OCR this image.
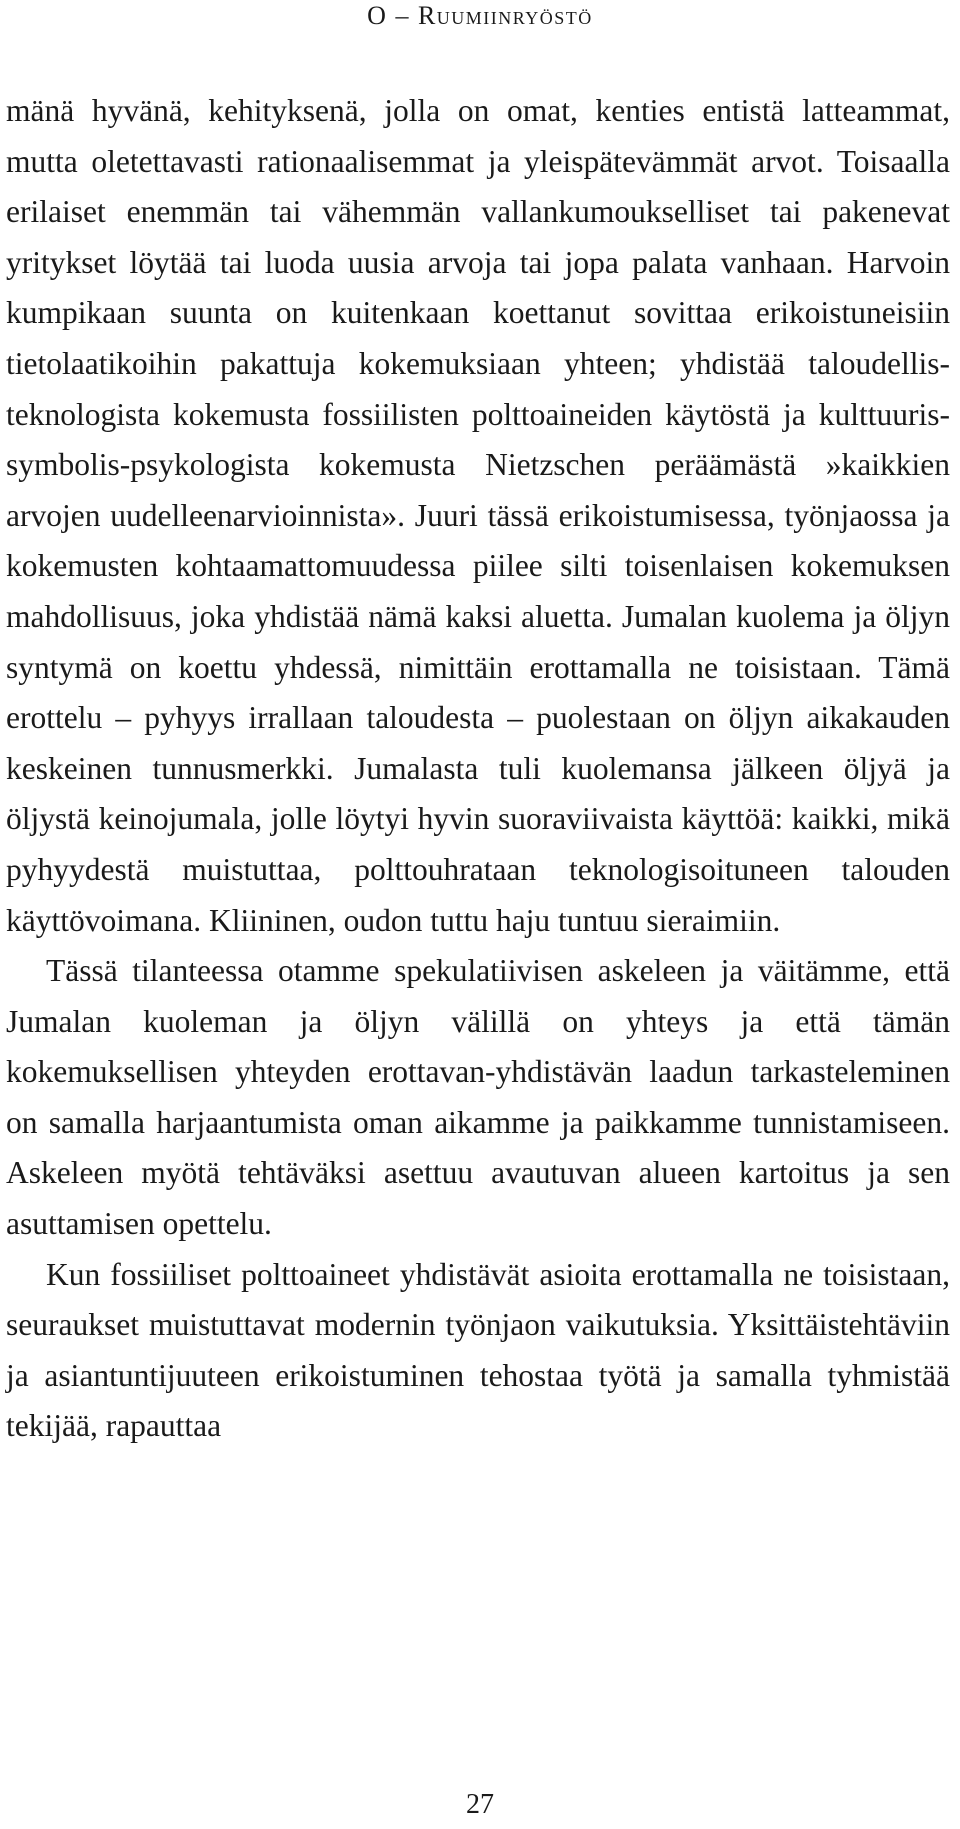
O – Ruumiinryöstö

mänä hyvänä, kehityksenä, jolla on omat, kenties entistä latteammat, mutta oletettavasti rationaalisemmat ja yleispätevämmät arvot. Toisaalla erilaiset enemmän tai vähemmän vallankumoukselliset tai pakenevat yritykset löytää tai luoda uusia arvoja tai jopa palata vanhaan. Harvoin kumpikaan suunta on kuitenkaan koettanut sovittaa erikoistuneisiin tietolaatikoihin pakattuja kokemuksiaan yhteen; yhdistää taloudellis-teknologista kokemusta fossiilisten polttoaineiden käytöstä ja kulttuuris-symbolis-psykologista kokemusta Nietzschen peräämästä »kaikkien arvojen uudelleenarvioinnista». Juuri tässä erikoistumisessa, työnjaossa ja kokemusten kohtaamattomuudessa piilee silti toisenlaisen kokemuksen mahdollisuus, joka yhdistää nämä kaksi aluetta. Jumalan kuolema ja öljyn syntymä on koettu yhdessä, nimittäin erottamalla ne toisistaan. Tämä erottelu – pyhyys irrallaan taloudesta – puolestaan on öljyn aikakauden keskeinen tunnusmerkki. Jumalasta tuli kuolemansa jälkeen öljyä ja öljystä keinojumala, jolle löytyi hyvin suoraviivaista käyttöä: kaikki, mikä pyhyydestä muistuttaa, polttouhrataan teknologisoituneen talouden käyttövoimana. Kliininen, oudon tuttu haju tuntuu sieraimiin.

Tässä tilanteessa otamme spekulatiivisen askeleen ja väitämme, että Jumalan kuoleman ja öljyn välillä on yhteys ja että tämän kokemuksellisen yhteyden erottavan-yhdistävän laadun tarkasteleminen on samalla harjaantumista oman aikamme ja paikkamme tunnistamiseen. Askeleen myötä tehtäväksi asettuu avautuvan alueen kartoitus ja sen asuttamisen opettelu.

Kun fossiiliset polttoaineet yhdistävät asioita erottamalla ne toisistaan, seuraukset muistuttavat modernin työnjaon vaikutuksia. Yksittäistehtäviin ja asiantuntijuuteen erikoistuminen tehostaa työtä ja samalla tyhmistää tekijää, rapauttaa

27
